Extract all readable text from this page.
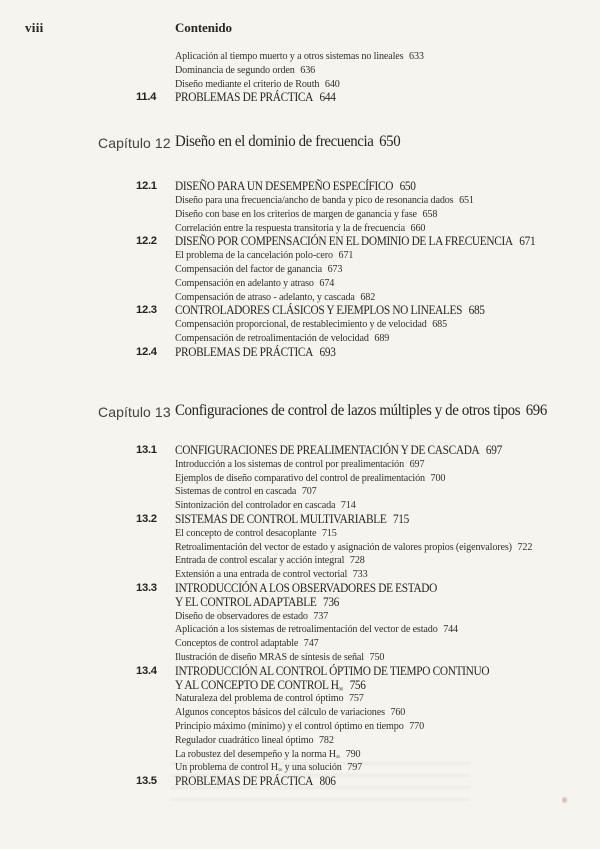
viii	Contenido
Aplicación al tiempo muerto y a otros sistemas no lineales 633
Dominancia de segundo orden 636
Diseño mediante el criterio de Routh 640
11.4 PROBLEMAS DE PRÁCTICA 644
Capítulo 12 Diseño en el dominio de frecuencia 650
12.1 DISEÑO PARA UN DESEMPEÑO ESPECÍFICO 650
Diseño para una frecuencia/ancho de banda y pico de resonancia dados 651
Diseño con base en los criterios de margen de ganancia y fase 658
Correlación entre la respuesta transitoria y la de frecuencia 660
12.2 DISEÑO POR COMPENSACIÓN EN EL DOMINIO DE LA FRECUENCIA 671
El problema de la cancelación polo-cero 671
Compensación del factor de ganancia 673
Compensación en adelanto y atraso 674
Compensación de atraso - adelanto, y cascada 682
12.3 CONTROLADORES CLÁSICOS Y EJEMPLOS NO LINEALES 685
Compensación proporcional, de restablecimiento y de velocidad 685
Compensación de retroalimentación de velocidad 689
12.4 PROBLEMAS DE PRÁCTICA 693
Capítulo 13 Configuraciones de control de lazos múltiples y de otros tipos 696
13.1 CONFIGURACIONES DE PREALIMENTACIÓN Y DE CASCADA 697
Introducción a los sistemas de control por prealimentación 697
Ejemplos de diseño comparativo del control de prealimentación 700
Sistemas de control en cascada 707
Sintonización del controlador en cascada 714
13.2 SISTEMAS DE CONTROL MULTIVARIABLE 715
El concepto de control desacoplante 715
Retroalimentación del vector de estado y asignación de valores propios (eigenvalores) 722
Entrada de control escalar y acción integral 728
Extensión a una entrada de control vectorial 733
13.3 INTRODUCCIÓN A LOS OBSERVADORES DE ESTADO
Y EL CONTROL ADAPTABLE 736
Diseño de observadores de estado 737
Aplicación a los sistemas de retroalimentación del vector de estado 744
Conceptos de control adaptable 747
Ilustración de diseño MRAS de síntesis de señal 750
13.4 INTRODUCCIÓN AL CONTROL ÓPTIMO DE TIEMPO CONTINUO
Y AL CONCEPTO DE CONTROL $H_\infty$ 756
Naturaleza del problema de control óptimo 757
Algunos conceptos básicos del cálculo de variaciones 760
Principio máximo (mínimo) y el control óptimo en tiempo 770
Regulador cuadrático lineal óptimo 782
La robustez del desempeño y la norma $H_\infty$ 790
Un problema de control $H_\infty$ y una solución 797
13.5 PROBLEMAS DE PRÁCTICA 806
